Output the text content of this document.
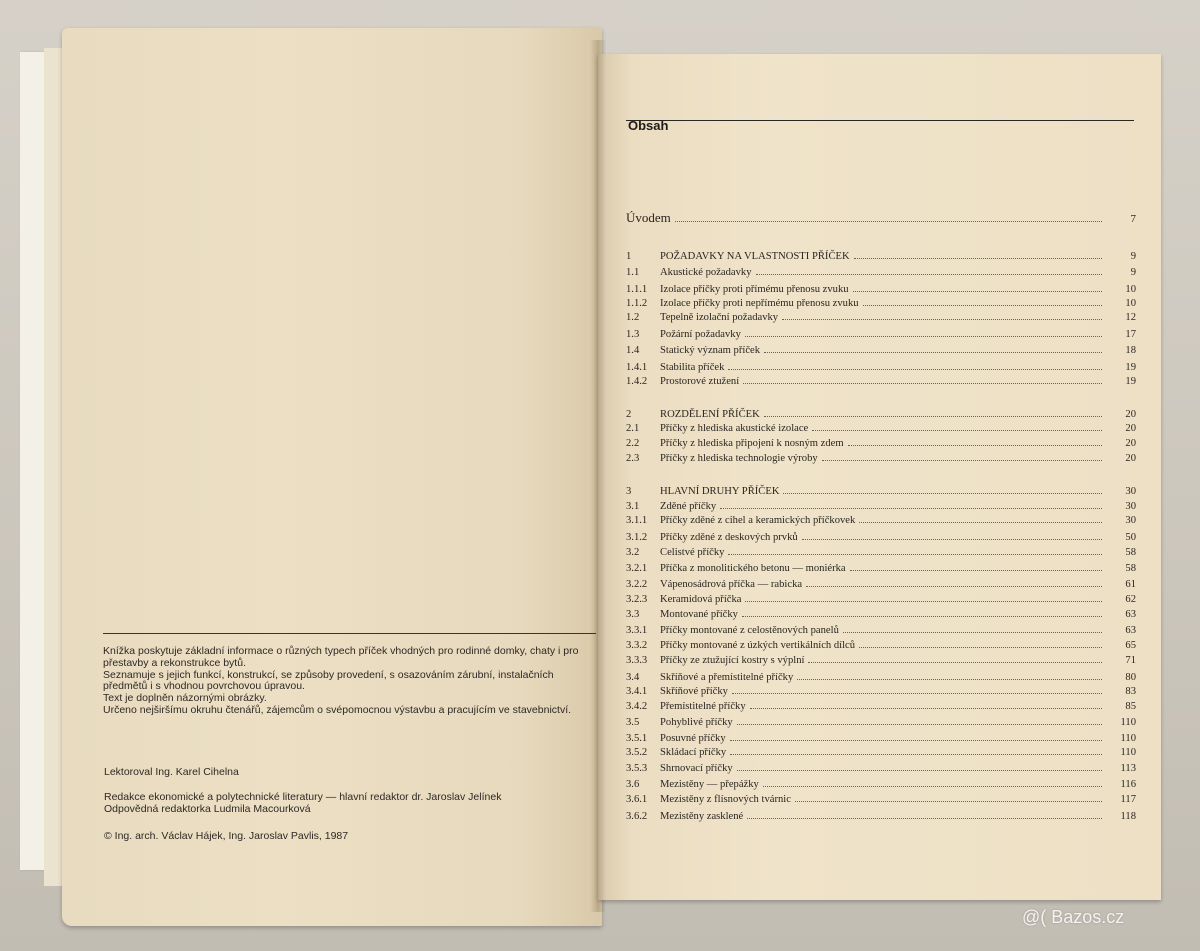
Knížka poskytuje základní informace o různých typech příček vhodných pro rodinné domky, chaty i pro přestavby a rekonstrukce bytů.

Seznamuje s jejich funkcí, konstrukcí, se způsoby provedení, s osazováním zárubní, instalačních předmětů i s vhodnou povrchovou úpravou.

Text je doplněn názornými obrázky.

Určeno nejširšímu okruhu čtenářů, zájemcům o svépomocnou výstavbu a pracujícím ve stavebnictví.

Lektoroval Ing. Karel Cihelna
Redakce ekonomické a polytechnické literatury — hlavní redaktor dr. Jaroslav Jelínek
Odpovědná redaktorka Ludmila Macourková
© Ing. arch. Václav Hájek, Ing. Jaroslav Pavlis, 1987
Obsah
Úvodem	7
1	POŽADAVKY NA VLASTNOSTI PŘÍČEK	9
1.1	Akustické požadavky	9
1.1.1	Izolace příčky proti přímému přenosu zvuku	10
1.1.2	Izolace příčky proti nepřímému přenosu zvuku	10
1.2	Tepelně izolační požadavky	12
1.3	Požární požadavky	17
1.4	Statický význam příček	18
1.4.1	Stabilita příček	19
1.4.2	Prostorové ztužení	19
2	ROZDĚLENÍ PŘÍČEK	20
2.1	Příčky z hlediska akustické izolace	20
2.2	Příčky z hlediska připojení k nosným zdem	20
2.3	Příčky z hlediska technologie výroby	20
3	HLAVNÍ DRUHY PŘÍČEK	30
3.1	Zděné příčky	30
3.1.1	Příčky zděné z cihel a keramických příčkovek	30
3.1.2	Příčky zděné z deskových prvků	50
3.2	Celistvé příčky	58
3.2.1	Příčka z monolitického betonu — moniérka	58
3.2.2	Vápenosádrová příčka — rabicka	61
3.2.3	Keramidová příčka	62
3.3	Montované příčky	63
3.3.1	Příčky montované z celostěnových panelů	63
3.3.2	Příčky montované z úzkých vertikálních dílců	65
3.3.3	Příčky ze ztužující kostry s výplní	71
3.4	Skříňové a přemístitelné příčky	80
3.4.1	Skříňové příčky	83
3.4.2	Přemístitelné příčky	85
3.5	Pohyblivé příčky	110
3.5.1	Posuvné příčky	110
3.5.2	Skládací příčky	110
3.5.3	Shrnovací příčky	113
3.6	Mezistěny — přepážky	116
3.6.1	Mezistěny z flísnových tvárnic	117
3.6.2	Mezistěny zasklené	118
@( Bazos.cz
